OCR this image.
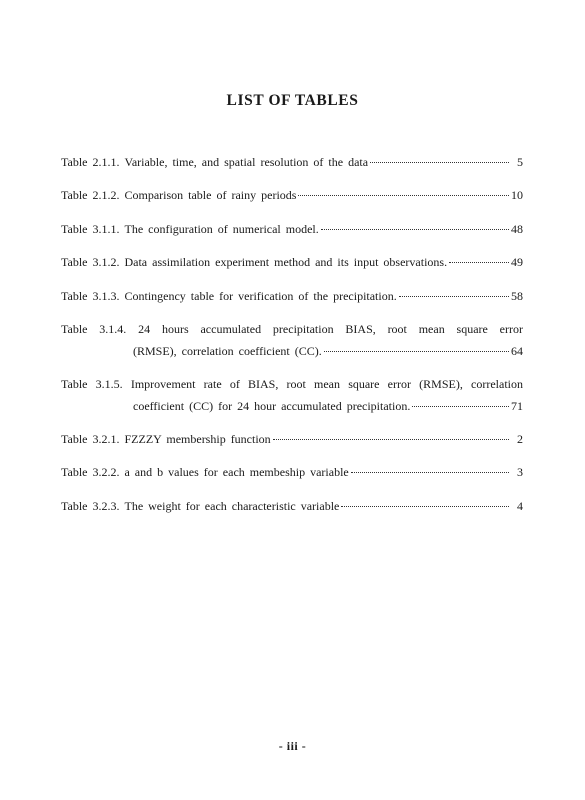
LIST OF TABLES
Table 2.1.1.
Variable, time, and spatial resolution of the data	5
Table 2.1.2.
Comparison table of rainy periods	10
Table 3.1.1.
The configuration of numerical model.	48
Table 3.1.2.
Data assimilation experiment method and its input observations.	49
Table 3.1.3.
Contingency table for verification of the precipitation.	58
Table 3.1.4. 24 hours accumulated precipitation BIAS, root mean square error
(RMSE), correlation coefficient (CC).	64
Table 3.1.5. Improvement rate of BIAS, root mean square error (RMSE), correlation
coefficient (CC) for 24 hour accumulated precipitation.	71
Table 3.2.1.
FZZZY membership function	2
Table 3.2.2.
a and b values for each membeship variable	3
Table 3.2.3.
The weight for each characteristic variable	4
- iii -
